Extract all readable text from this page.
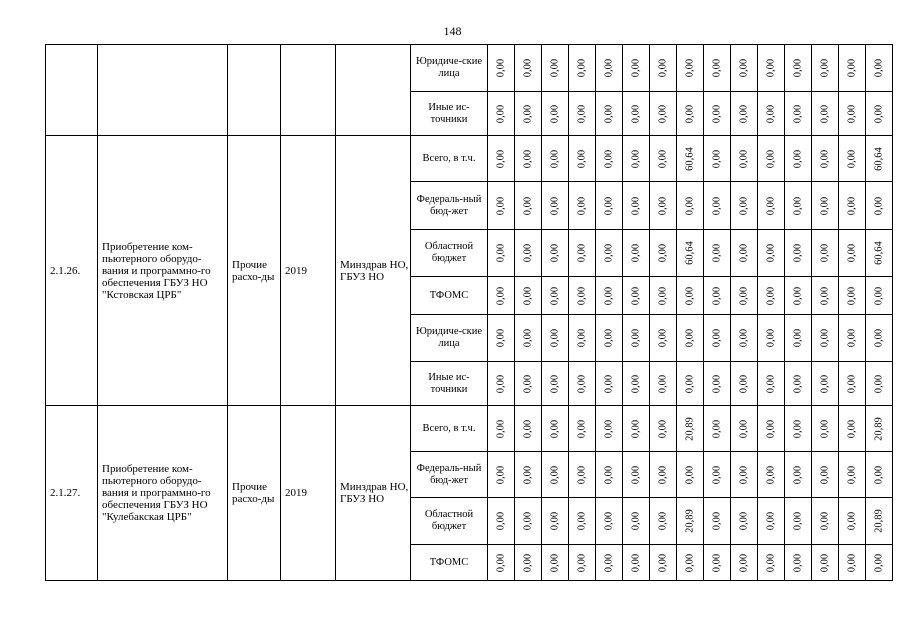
148
					Юридиче-ские лица	0,00	0,00	0,00	0,00	0,00	0,00	0,00	0,00	0,00	0,00	0,00	0,00	0,00	0,00	0,00

					Иные ис-точники	0,00	0,00	0,00	0,00	0,00	0,00	0,00	0,00	0,00	0,00	0,00	0,00	0,00	0,00	0,00

2.1.26.	Приобретение ком-пьютерного оборудо-вания и программно-го обеспечения ГБУЗ НО "Кстовская ЦРБ"	Прочие расхо-ды	2019	Минздрав НО, ГБУЗ НО	Всего, в т.ч.	0,00	0,00	0,00	0,00	0,00	0,00	0,00	60,64	0,00	0,00	0,00	0,00	0,00	0,00	60,64

					Федераль-ный бюд-жет	0,00	0,00	0,00	0,00	0,00	0,00	0,00	0,00	0,00	0,00	0,00	0,00	0,00	0,00	0,00

					Областной бюджет	0,00	0,00	0,00	0,00	0,00	0,00	0,00	60,64	0,00	0,00	0,00	0,00	0,00	0,00	60,64

					ТФОМС	0,00	0,00	0,00	0,00	0,00	0,00	0,00	0,00	0,00	0,00	0,00	0,00	0,00	0,00	0,00

					Юридиче-ские лица	0,00	0,00	0,00	0,00	0,00	0,00	0,00	0,00	0,00	0,00	0,00	0,00	0,00	0,00	0,00

					Иные ис-точники	0,00	0,00	0,00	0,00	0,00	0,00	0,00	0,00	0,00	0,00	0,00	0,00	0,00	0,00	0,00

2.1.27.	Приобретение ком-пьютерного оборудо-вания и программно-го обеспечения ГБУЗ НО "Кулебакская ЦРБ"	Прочие расхо-ды	2019	Минздрав НО, ГБУЗ НО	Всего, в т.ч.	0,00	0,00	0,00	0,00	0,00	0,00	0,00	20,89	0,00	0,00	0,00	0,00	0,00	0,00	20,89

					Федераль-ный бюд-жет	0,00	0,00	0,00	0,00	0,00	0,00	0,00	0,00	0,00	0,00	0,00	0,00	0,00	0,00	0,00

					Областной бюджет	0,00	0,00	0,00	0,00	0,00	0,00	0,00	20,89	0,00	0,00	0,00	0,00	0,00	0,00	20,89

					ТФОМС	0,00	0,00	0,00	0,00	0,00	0,00	0,00	0,00	0,00	0,00	0,00	0,00	0,00	0,00	0,00
